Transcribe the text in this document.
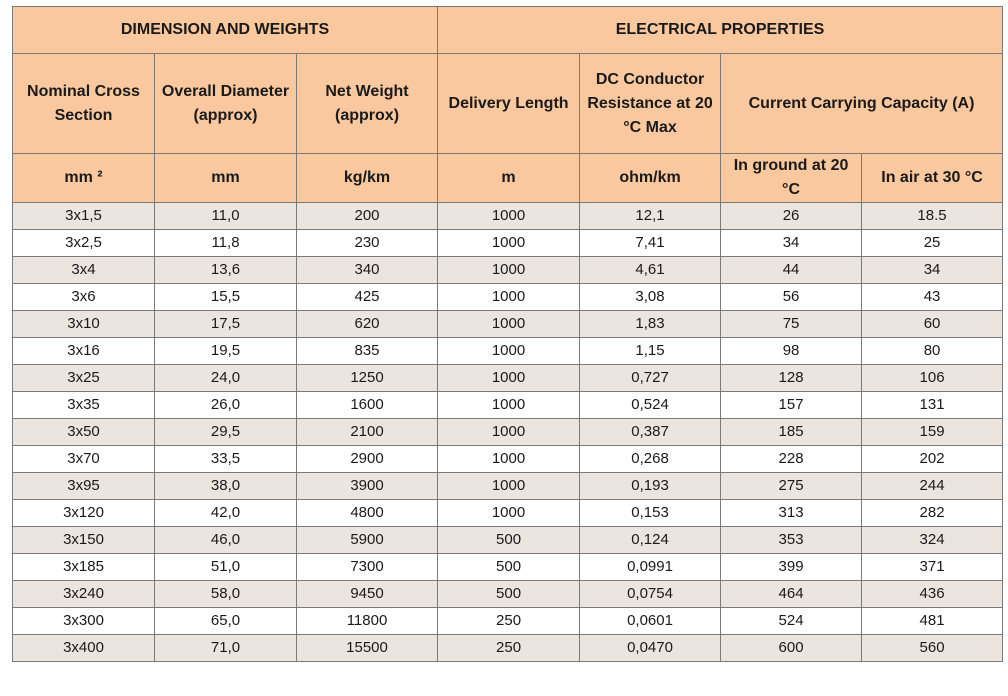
DIMENSION AND WEIGHTS			ELECTRICAL PROPERTIES			
Nominal Cross Section	Overall Diameter (approx)	Net Weight (approx)	Delivery Length	DC Conductor Resistance at 20 °C Max	Current Carrying Capacity (A)	
mm ²	mm	kg/km	m	ohm/km	In ground at 20 °C	In air at 30 °C

3x1,5	11,0	200	1000	12,1	26	18.5
3x2,5	11,8	230	1000	7,41	34	25
3x4	13,6	340	1000	4,61	44	34
3x6	15,5	425	1000	3,08	56	43
3x10	17,5	620	1000	1,83	75	60
3x16	19,5	835	1000	1,15	98	80
3x25	24,0	1250	1000	0,727	128	106
3x35	26,0	1600	1000	0,524	157	131
3x50	29,5	2100	1000	0,387	185	159
3x70	33,5	2900	1000	0,268	228	202
3x95	38,0	3900	1000	0,193	275	244
3x120	42,0	4800	1000	0,153	313	282
3x150	46,0	5900	500	0,124	353	324
3x185	51,0	7300	500	0,0991	399	371
3x240	58,0	9450	500	0,0754	464	436
3x300	65,0	11800	250	0,0601	524	481
3x400	71,0	15500	250	0,0470	600	560
